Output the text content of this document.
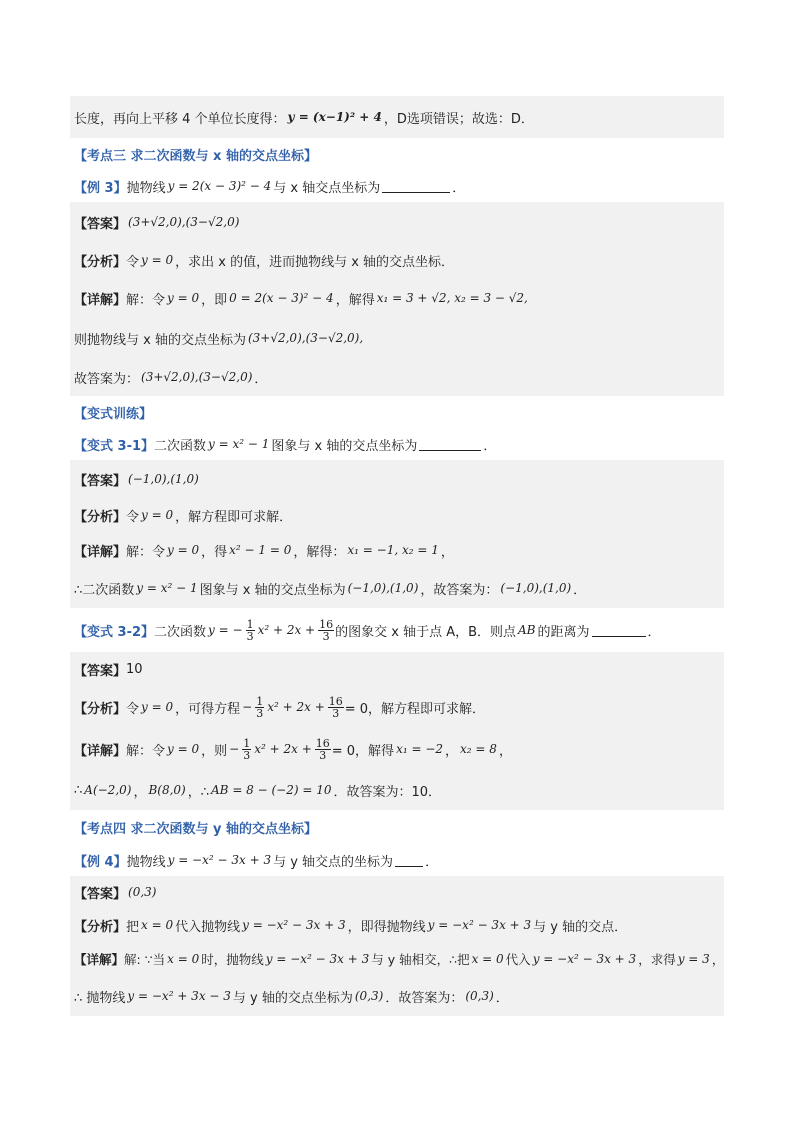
长度，再向上平移 4 个单位长度得： y = (x−1)² + 4 ，D选项错误；故选：D．
【考点三 求二次函数与 x 轴的交点坐标】
【例 3】 抛物线 y = 2(x − 3)² − 4 与 x 轴交点坐标为	．
【答案】 (3+√2,0),(3−√2,0)
【分析】 令 y = 0 ，求出 x 的值，进而抛物线与 x 轴的交点坐标．
【详解】 解：令 y = 0 ，即 0 = 2(x − 3)² − 4 ，解得 x₁ = 3 + √2, x₂ = 3 − √2,
则抛物线与 x 轴的交点坐标为 (3+√2,0),(3−√2,0),
故答案为： (3+√2,0),(3−√2,0) ．
【变式训练】
【变式 3-1】 二次函数 y = x² − 1 图象与 x 轴的交点坐标为	．
【答案】 (−1,0),(1,0)
【分析】 令 y = 0 ，解方程即可求解．
【详解】 解：令 y = 0 ，得 x² − 1 = 0 ，解得： x₁ = −1, x₂ = 1 ，
∴二次函数 y = x² − 1 图象与 x 轴的交点坐标为 (−1,0),(1,0) ，故答案为： (−1,0),(1,0) ．
【变式 3-2】 二次函数 y = − $\frac{1}{3} x^2 + 2x + \frac{16}{3}$ 的图象交 x 轴于点 A，B．则点 AB 的距离为	．
【答案】 10
【分析】 令 y = 0 ，可得方程 − $\frac{1}{3} x^2 + 2x + \frac{16}{3} = 0$，解方程即可求解．
【详解】 解：令 y = 0 ，则 − $\frac{1}{3} x^2 + 2x + \frac{16}{3} = 0$，解得 x₁ = −2 ， x₂ = 8 ，
∴ A(−2,0) ， B(8,0) ，∴ AB = 8 − (−2) = 10 ．故答案为：10．
【考点四 求二次函数与 y 轴的交点坐标】
【例 4】 抛物线 y = −x² − 3x + 3 与 y 轴交点的坐标为 ．
【答案】 (0,3)
【分析】 把 x = 0 代入抛物线 y = −x² − 3x + 3 ，即得抛物线 y = −x² − 3x + 3 与 y 轴的交点．
【详解】 解: ∵当 x = 0 时，抛物线 y = −x² − 3x + 3 与 y 轴相交，∴把 x = 0 代入 y = −x² − 3x + 3 ，求得 y = 3 ，
∴ 抛物线 y = −x² + 3x − 3 与 y 轴的交点坐标为 (0,3) ．故答案为： (0,3) ．
